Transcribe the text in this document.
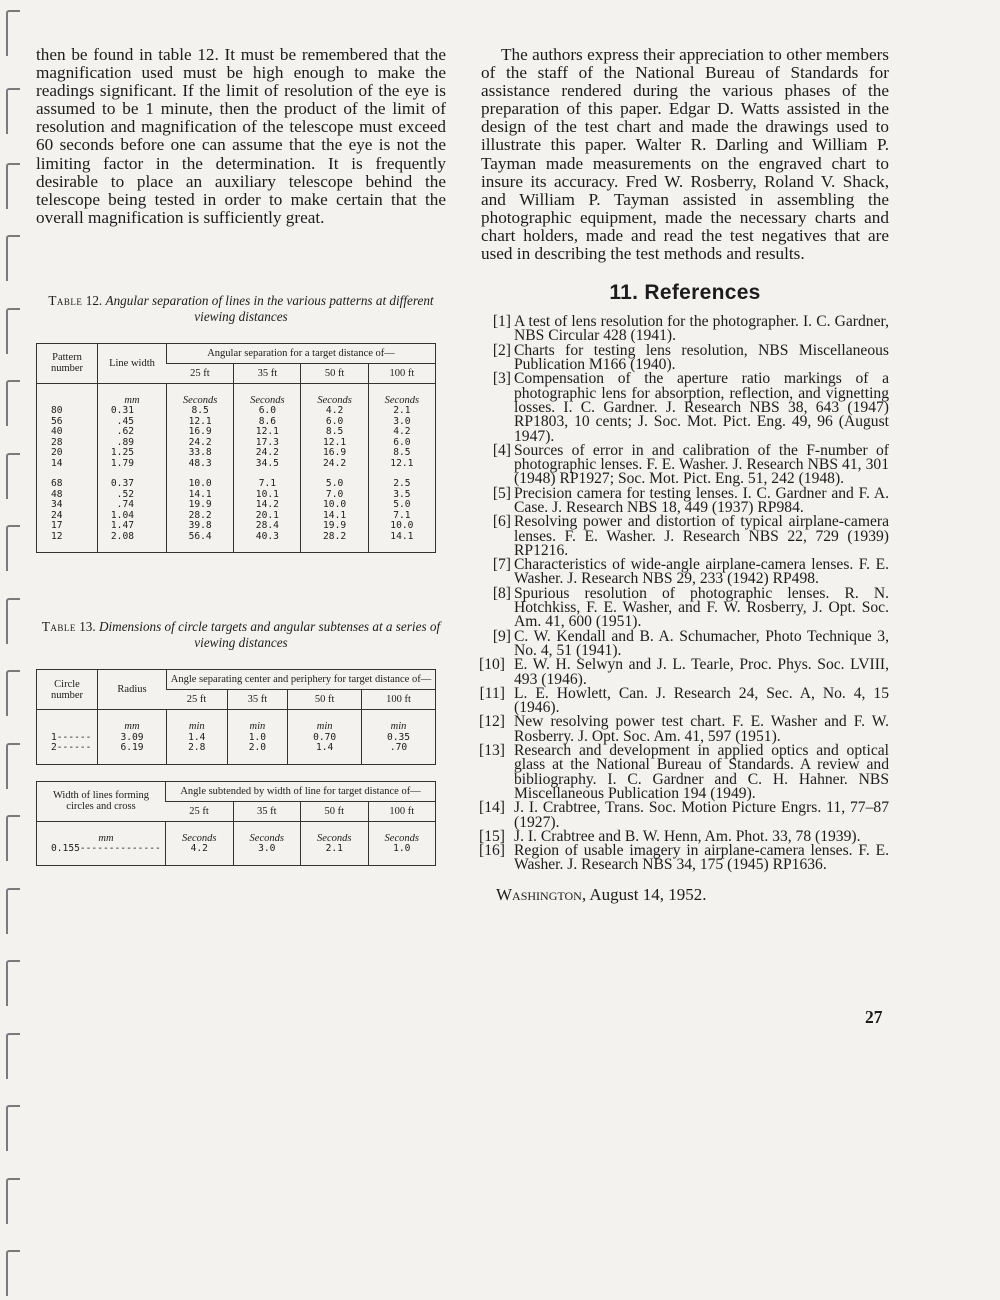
then be found in table 12. It must be remembered that the magnification used must be high enough to make the readings significant. If the limit of resolution of the eye is assumed to be 1 minute, then the product of the limit of resolution and magnification of the telescope must exceed 60 seconds before one can assume that the eye is not the limiting factor in the determination. It is frequently desirable to place an auxiliary telescope behind the telescope being tested in order to make certain that the overall magnification is sufficiently great.

Table 12. Angular separation of lines in the various patterns at different viewing distances

Pattern number	Line width	Angular separation for a target distance of—			
		25 ft	35 ft	50 ft	100 ft
	mm	Seconds	Seconds	Seconds	Seconds
80	0.31	8.5	6.0	4.2	2.1
56	.45	12.1	8.6	6.0	3.0
40	.62	16.9	12.1	8.5	4.2
28	.89	24.2	17.3	12.1	6.0
20	1.25	33.8	24.2	16.9	8.5
14	1.79	48.3	34.5	24.2	12.1

68	0.37	10.0	7.1	5.0	2.5
48	.52	14.1	10.1	7.0	3.5
34	.74	19.9	14.2	10.0	5.0
24	1.04	28.2	20.1	14.1	7.1
17	1.47	39.8	28.4	19.9	10.0
12	2.08	56.4	40.3	28.2	14.1

Table 13. Dimensions of circle targets and angular subtenses at a series of viewing distances

Circle number	Radius	Angle separating center and periphery for target distance of—			
		25 ft	35 ft	50 ft	100 ft
	mm	min	min	min	min
1------	3.09	1.4	1.0	0.70	0.35
2------	6.19	2.8	2.0	1.4	.70

Width of lines forming circles and cross	Angle subtended by width of line for target distance of—			
	25 ft	35 ft	50 ft	100 ft
mm	Seconds	Seconds	Seconds	Seconds
0.155--------------	4.2	3.0	2.1	1.0

The authors express their appreciation to other members of the staff of the National Bureau of Standards for assistance rendered during the various phases of the preparation of this paper. Edgar D. Watts assisted in the design of the test chart and made the drawings used to illustrate this paper. Walter R. Darling and William P. Tayman made measurements on the engraved chart to insure its accuracy. Fred W. Rosberry, Roland V. Shack, and William P. Tayman assisted in assembling the photographic equipment, made the necessary charts and chart holders, made and read the test negatives that are used in describing the test methods and results.

11. References
[1] A test of lens resolution for the photographer. I. C. Gardner, NBS Circular 428 (1941).
[2] Charts for testing lens resolution, NBS Miscellaneous Publication M166 (1940).
[3] Compensation of the aperture ratio markings of a photographic lens for absorption, reflection, and vignetting losses. I. C. Gardner. J. Research NBS 38, 643 (1947) RP1803, 10 cents; J. Soc. Mot. Pict. Eng. 49, 96 (August 1947).
[4] Sources of error in and calibration of the F-number of photographic lenses. F. E. Washer. J. Research NBS 41, 301 (1948) RP1927; Soc. Mot. Pict. Eng. 51, 242 (1948).
[5] Precision camera for testing lenses. I. C. Gardner and F. A. Case. J. Research NBS 18, 449 (1937) RP984.
[6] Resolving power and distortion of typical airplane-camera lenses. F. E. Washer. J. Research NBS 22, 729 (1939) RP1216.
[7] Characteristics of wide-angle airplane-camera lenses. F. E. Washer. J. Research NBS 29, 233 (1942) RP498.
[8] Spurious resolution of photographic lenses. R. N. Hotchkiss, F. E. Washer, and F. W. Rosberry, J. Opt. Soc. Am. 41, 600 (1951).
[9] C. W. Kendall and B. A. Schumacher, Photo Technique 3, No. 4, 51 (1941).
[10] E. W. H. Selwyn and J. L. Tearle, Proc. Phys. Soc. LVIII, 493 (1946).
[11] L. E. Howlett, Can. J. Research 24, Sec. A, No. 4, 15 (1946).
[12] New resolving power test chart. F. E. Washer and F. W. Rosberry. J. Opt. Soc. Am. 41, 597 (1951).
[13] Research and development in applied optics and optical glass at the National Bureau of Standards. A review and bibliography. I. C. Gardner and C. H. Hahner. NBS Miscellaneous Publication 194 (1949).
[14] J. I. Crabtree, Trans. Soc. Motion Picture Engrs. 11, 77–87 (1927).
[15] J. I. Crabtree and B. W. Henn, Am. Phot. 33, 78 (1939).
[16] Region of usable imagery in airplane-camera lenses. F. E. Washer. J. Research NBS 34, 175 (1945) RP1636.
Washington, August 14, 1952.
27
